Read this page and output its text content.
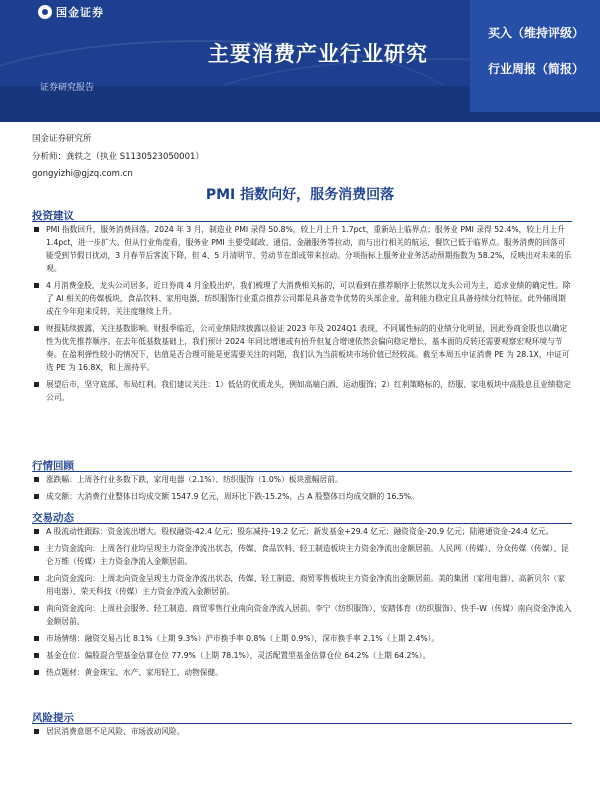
国金证券
主要消费产业行业研究
证券研究报告
买入（维持评级）
行业周报（简报）
国金证券研究所
分析师：龚轶之（执业 S1130523050001）
gongyizhi@gjzq.com.cn
PMI 指数向好，服务消费回落
投资建议
PMI 指数回升，服务消费回落。2024 年 3 月，制造业 PMI 录得 50.8%，较上月上升 1.7pct，重新站上临界点；服务业 PMI 录得 52.4%，较上月上升 1.4pct，进一步扩大。但从行业角度看，服务业 PMI 主要受邮政、通信、金融服务等拉动，而与出行相关的航运、餐饮已低于临界点。服务消费的回落可能受到节假日扰动，3 月春节后客流下降，但 4、5 月清明节、劳动节在即或带来拉动。分项指标上服务业业务活动预期指数为 58.2%，反映出对未来的乐观。
4 月消费金股，龙头公司居多。近日券商 4 月金股出炉，我们梳理了大消费相关标的，可以看到在推荐顺序上依然以龙头公司为主，追求业绩的确定性。除了 AI 相关的传媒板块，食品饮料、家用电器、纺织服饰行业重点推荐公司都是具备竞争优势的头部企业，盈利能力稳定且具备持续分红特征。此外储周期或在今年迎来反转，关注度继续上升。
财报陆续披露，关注基数影响。财报季临近，公司业绩陆续披露以验证 2023 年及 2024Q1 表现，不同属性标的的业绩分化明显，因此券商金股也以确定性为优先推荐顺序。在去年低基数基础上，我们预计 2024 年同比增速或有抬升但复合增速依然会偏向稳定增长，基本面的反转还需要观察宏观环境与节奏。在盈利弹性较小的情况下，估值是否合理可能是更需要关注的问题，我们认为当前板块市场价值已经较高。截至本周五中证消费 PE 为 28.1X，中证可选 PE 为 16.8X，和上周持平。
展望后市，坚守底部、布局红利。我们建议关注：1）低估的优质龙头，例如高端白酒、运动服饰；2）红利策略标的，纺服、家电板块中高股息且业绩稳定公司。
行情回顾
涨跌幅：上周各行业多数下跌，家用电器（2.1%）、纺织服饰（1.0%）板块涨幅居前。
成交额：大消费行业整体日均成交额 1547.9 亿元，周环比下跌-15.2%，占 A 股整体日均成交额的 16.5%。
交易动态
A 股流动性跟踪：资金流出增大。股权融资-42.4 亿元；股东减持-19.2 亿元；新发基金+29.4 亿元；融资资金-20.9 亿元；陆港通资金-24.4 亿元。
主力资金流向：上周各行业均呈现主力资金净流出状态，传媒、食品饮料、轻工制造板块主力资金净流出金额居前。人民网（传媒）、分众传媒（传媒）、昆仑万维（传媒）主力资金净流入金额居前。
北向资金流向：上周北向资金呈现主力资金净流出状态，传媒、轻工制造、商贸零售板块主力资金净流出金额居前。美的集团（家用电器）、高新贝尔（家用电器）、荣天科技（传媒）主力资金净流入金额居前。
南向资金流向：上周社会服务、轻工制造、商贸零售行业南向资金净流入居前。李宁（纺织服饰）、安踏体育（纺织服饰）、快手-W（传媒）南向资金净流入金额居前。
市场情绪：融资交易占比 8.1%（上期 9.3%）沪市换手率 0.8%（上期 0.9%），深市换手率 2.1%（上期 2.4%）。
基金仓位：偏股混合型基金估算仓位 77.9%（上期 78.1%），灵活配置型基金估算仓位 64.2%（上期 64.2%）。
热点题材：黄金珠宝、水产、家用轻工、动物保健。
风险提示
居民消费意愿不足风险、市场波动风险。
